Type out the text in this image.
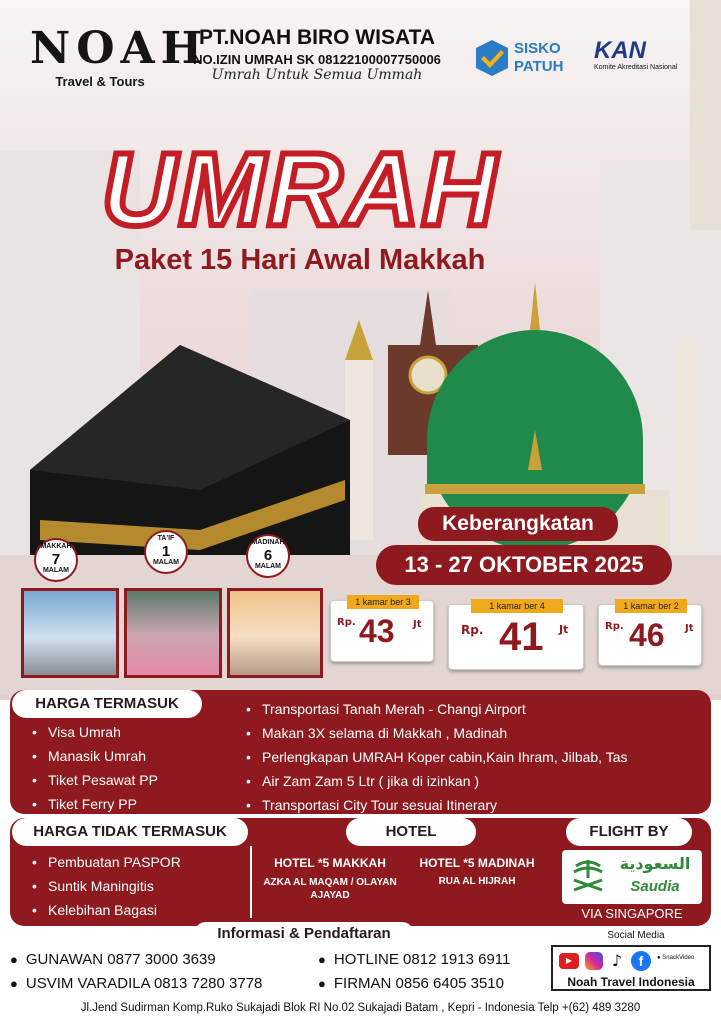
NOAH
Travel & Tours
PT.NOAH BIRO WISATA
NO.IZIN UMRAH SK 08122100007750006
Umrah Untuk Semua Ummah
SISKO
PATUH
KAN
Komite Akreditasi Nasional
UMRAH
Paket 15 Hari Awal Makkah
Keberangkatan
13 - 27 OKTOBER 2025
MAKKAH
7
MALAM
TA'IF
1
MALAM
MADINAH
6
MALAM
1 kamar ber 3
Rp. 43 Jt
1 kamar ber 4
Rp. 41 Jt
1 kamar ber 2
Rp. 46 Jt
HARGA TERMASUK
• Visa Umrah
• Manasik Umrah
• Tiket Pesawat PP
• Tiket Ferry PP
• Transportasi Tanah Merah - Changi Airport
• Makan 3X selama di Makkah , Madinah
• Perlengkapan UMRAH Koper cabin,Kain Ihram, Jilbab, Tas
• Air Zam Zam 5 Ltr ( jika di izinkan )
• Transportasi City Tour sesuai Itinerary
HARGA TIDAK TERMASUK
• Pembuatan PASPOR
• Suntik Maningitis
• Kelebihan Bagasi
HOTEL
HOTEL *5 MAKKAH
AZKA AL MAQAM / OLAYAN AJAYAD
HOTEL *5 MADINAH
RUA AL HIJRAH
FLIGHT BY
السعودية
Saudia
VIA SINGAPORE
Informasi & Pendaftaran
● GUNAWAN 0877 3000 3639
● USVIM VARADILA 0813 7280 3778
● HOTLINE 0812 1913 6911
● FIRMAN 0856 6405 3510
Social Media
▶	♪	f	● SnackVideo
Noah Travel Indonesia
Jl.Jend Sudirman Komp.Ruko Sukajadi Blok RI No.02 Sukajadi Batam , Kepri - Indonesia Telp +(62) 489 3280
